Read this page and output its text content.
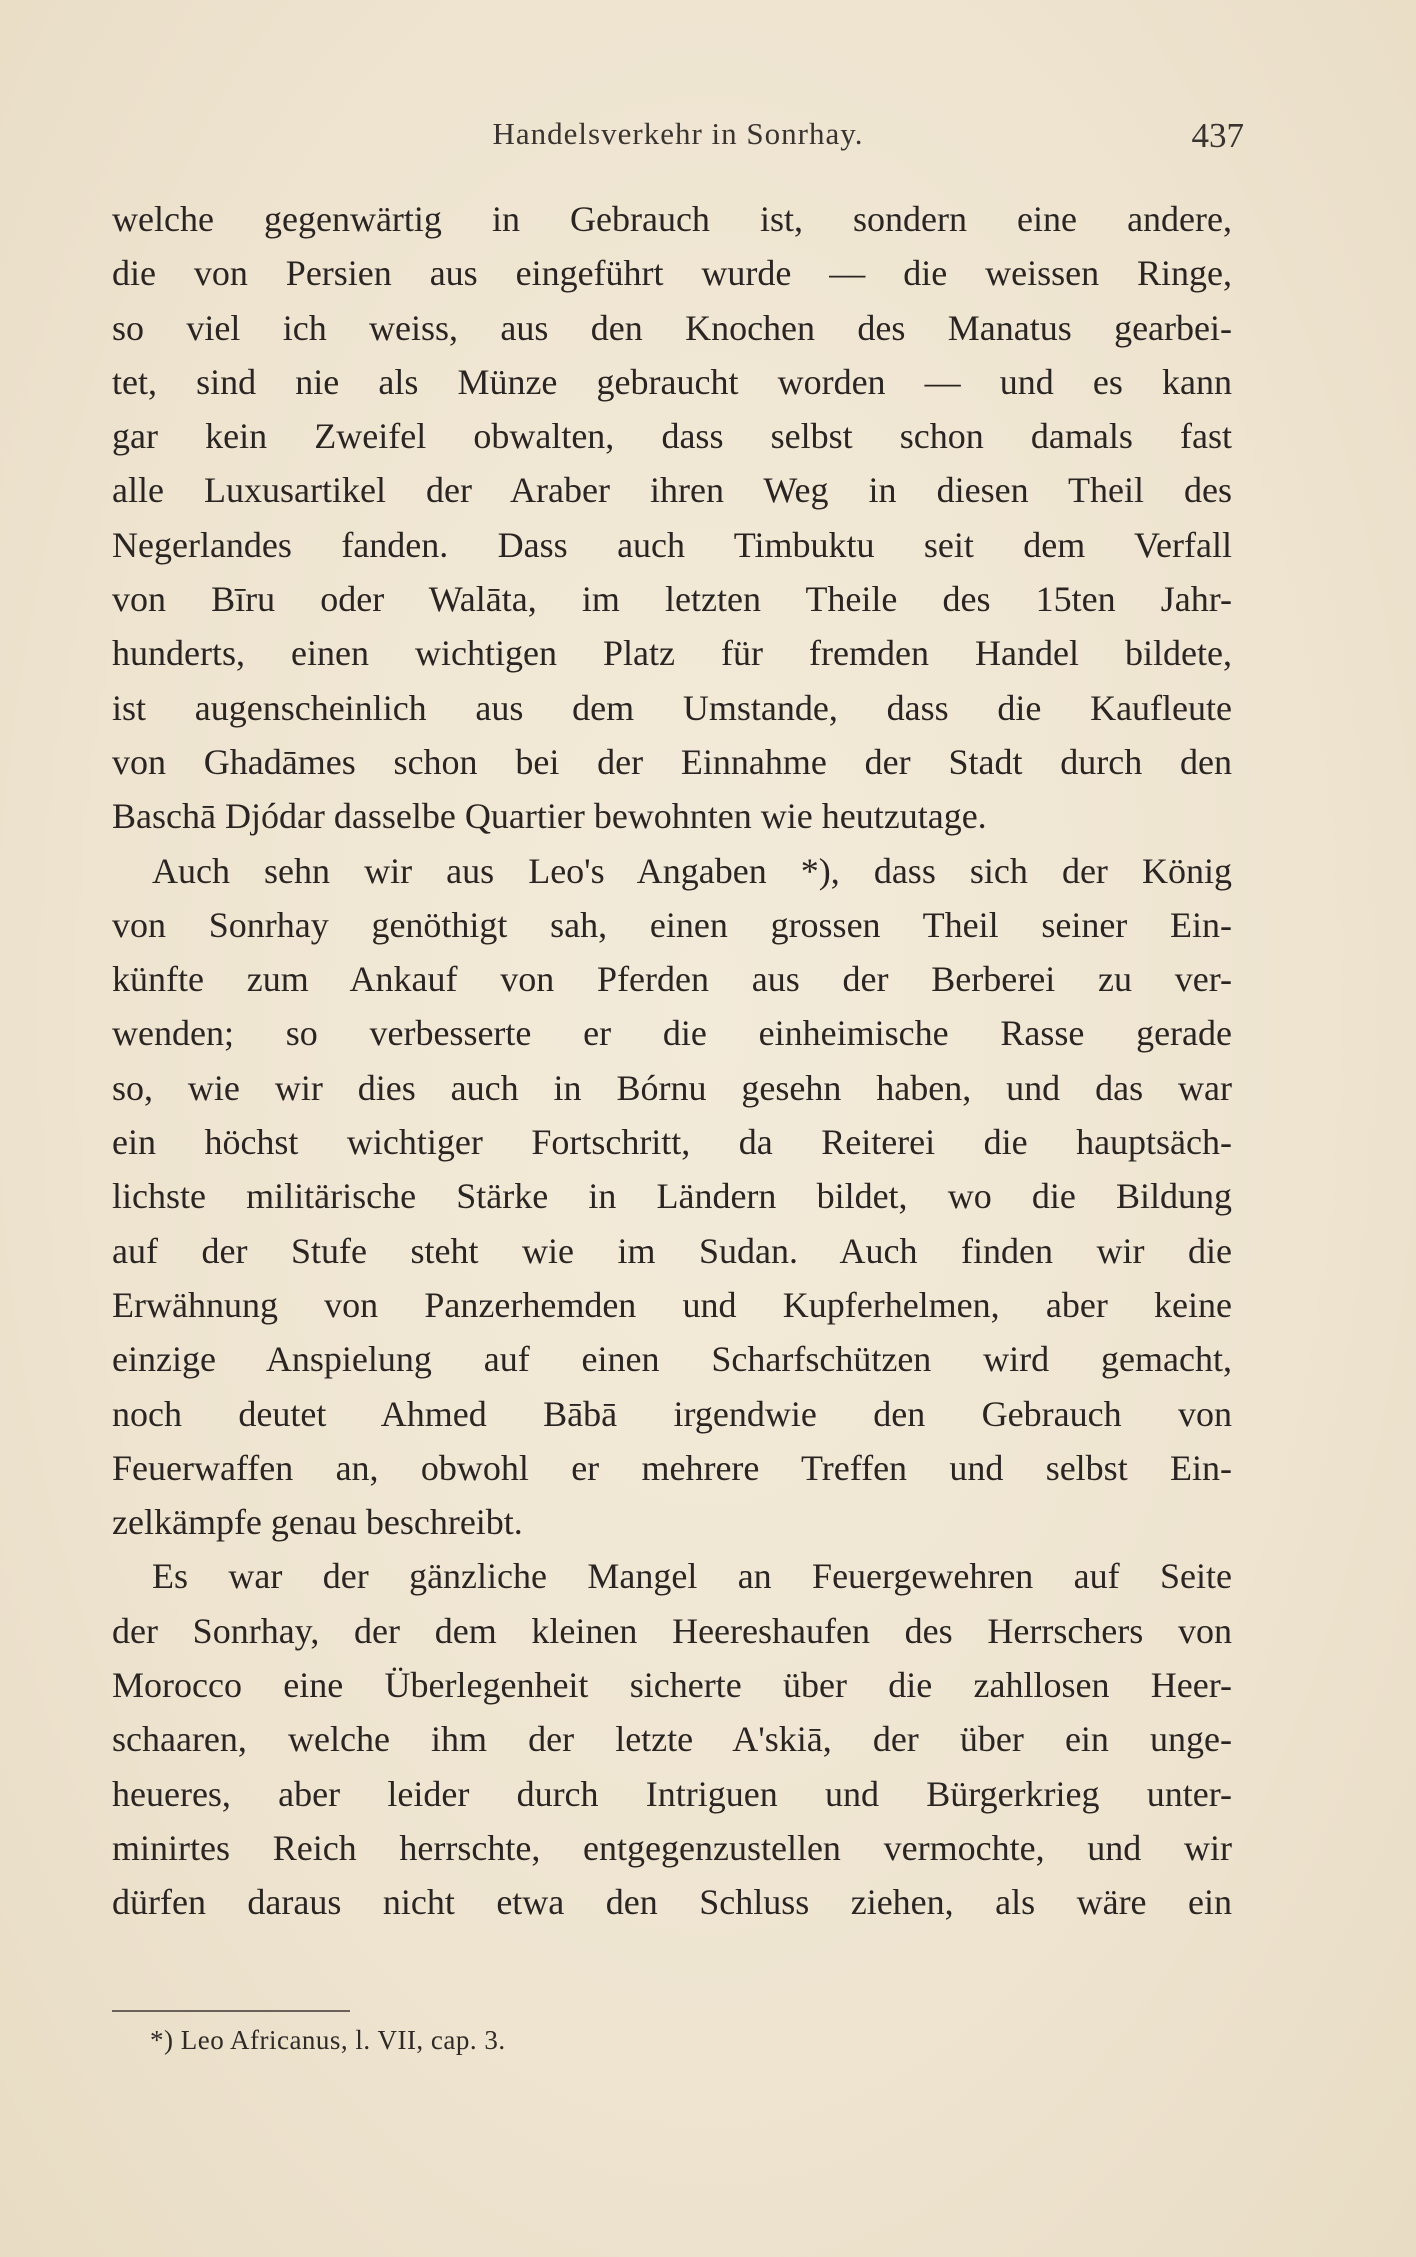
Handelsverkehr in Sonrhay.	437
welche gegenwärtig in Gebrauch ist, sondern eine andere,
die von Persien aus eingeführt wurde — die weissen Ringe,
so viel ich weiss, aus den Knochen des Manatus gearbei-
tet, sind nie als Münze gebraucht worden — und es kann
gar kein Zweifel obwalten, dass selbst schon damals fast
alle Luxusartikel der Araber ihren Weg in diesen Theil des
Negerlandes fanden. Dass auch Timbuktu seit dem Verfall
von Bīru oder Walāta, im letzten Theile des 15ten Jahr-
hunderts, einen wichtigen Platz für fremden Handel bildete,
ist augenscheinlich aus dem Umstande, dass die Kaufleute
von Ghadāmes schon bei der Einnahme der Stadt durch den
Baschā Djódar dasselbe Quartier bewohnten wie heutzutage.
Auch sehn wir aus Leo's Angaben *), dass sich der König
von Sonrhay genöthigt sah, einen grossen Theil seiner Ein-
künfte zum Ankauf von Pferden aus der Berberei zu ver-
wenden; so verbesserte er die einheimische Rasse gerade
so, wie wir dies auch in Bórnu gesehn haben, und das war
ein höchst wichtiger Fortschritt, da Reiterei die hauptsäch-
lichste militärische Stärke in Ländern bildet, wo die Bildung
auf der Stufe steht wie im Sudan. Auch finden wir die
Erwähnung von Panzerhemden und Kupferhelmen, aber keine
einzige Anspielung auf einen Scharfschützen wird gemacht,
noch deutet Ahmed Bābā irgendwie den Gebrauch von
Feuerwaffen an, obwohl er mehrere Treffen und selbst Ein-
zelkämpfe genau beschreibt.
Es war der gänzliche Mangel an Feuergewehren auf Seite
der Sonrhay, der dem kleinen Heereshaufen des Herrschers von
Morocco eine Überlegenheit sicherte über die zahllosen Heer-
schaaren, welche ihm der letzte A'skiā, der über ein unge-
heueres, aber leider durch Intriguen und Bürgerkrieg unter-
minirtes Reich herrschte, entgegenzustellen vermochte, und wir
dürfen daraus nicht etwa den Schluss ziehen, als wäre ein
*) Leo Africanus, l. VII, cap. 3.
